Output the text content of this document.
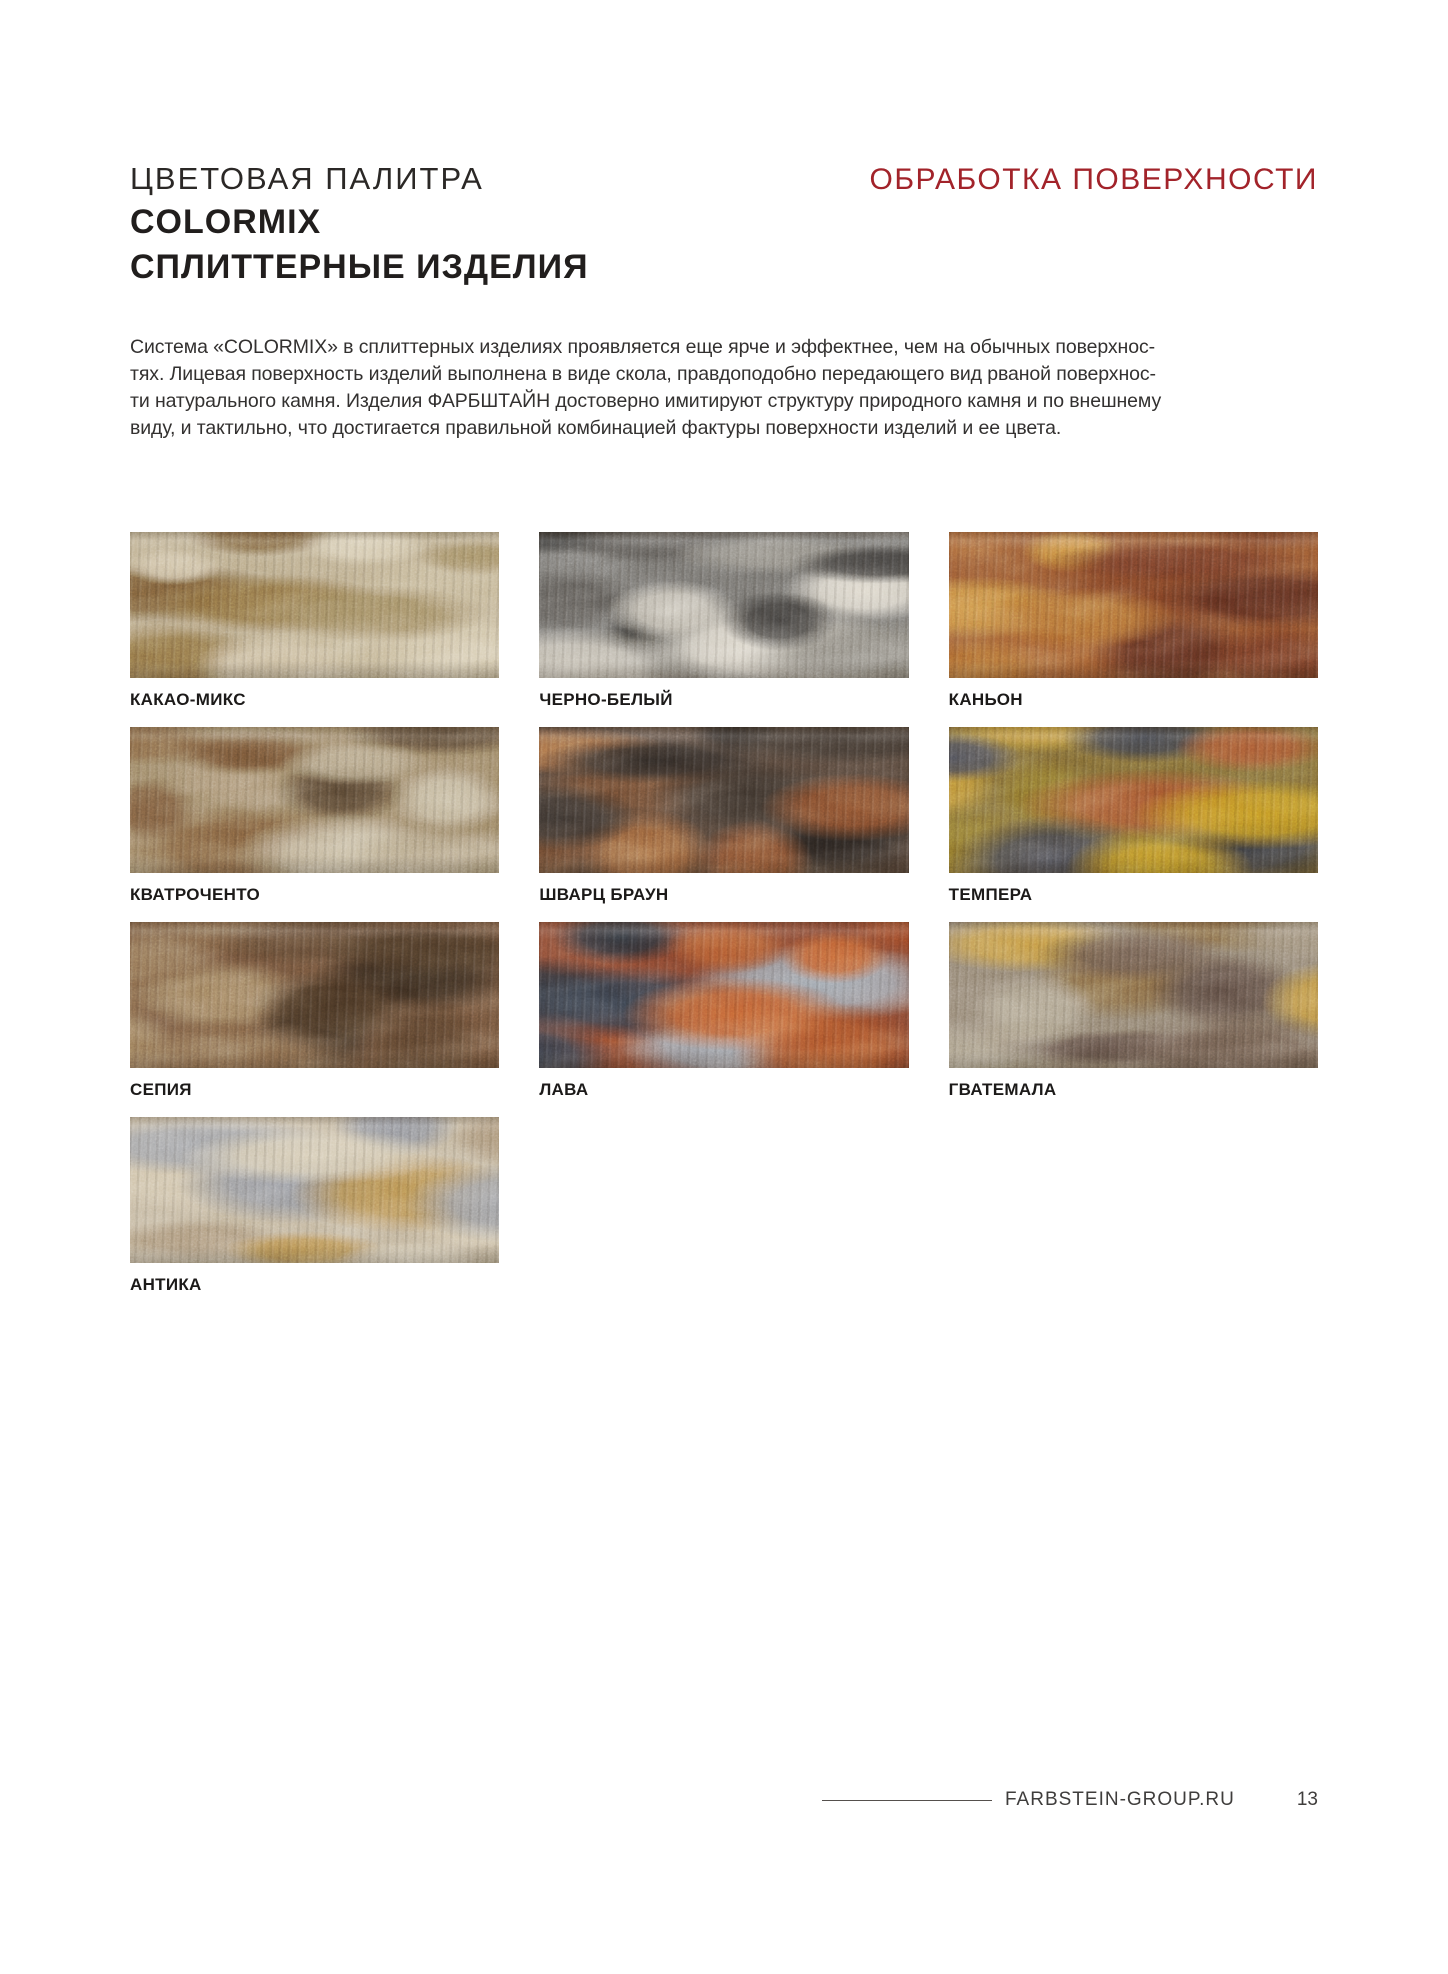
ЦВЕТОВАЯ ПАЛИТРА
COLORMIX
СПЛИТТЕРНЫЕ ИЗДЕЛИЯ
ОБРАБОТКА ПОВЕРХНОСТИ
Система «COLORMIX» в сплиттерных изделиях проявляется еще ярче и эффектнее, чем на обычных поверхнос-
тях. Лицевая поверхность изделий выполнена в виде скола, правдоподобно передающего вид рваной поверхнос-
ти натурального камня. Изделия ФАРБШТАЙН достоверно имитируют структуру природного камня и по внешнему
виду, и тактильно, что достигается правильной комбинацией фактуры поверхности изделий и ее цвета.
КАКАО-МИКС	ЧЕРНО-БЕЛЫЙ	КАНЬОН
КВАТРОЧЕНТО	ШВАРЦ БРАУН	ТЕМПЕРА
СЕПИЯ	ЛАВА	ГВАТЕМАЛА
АНТИКА
FARBSTEIN-GROUP.RU	13
